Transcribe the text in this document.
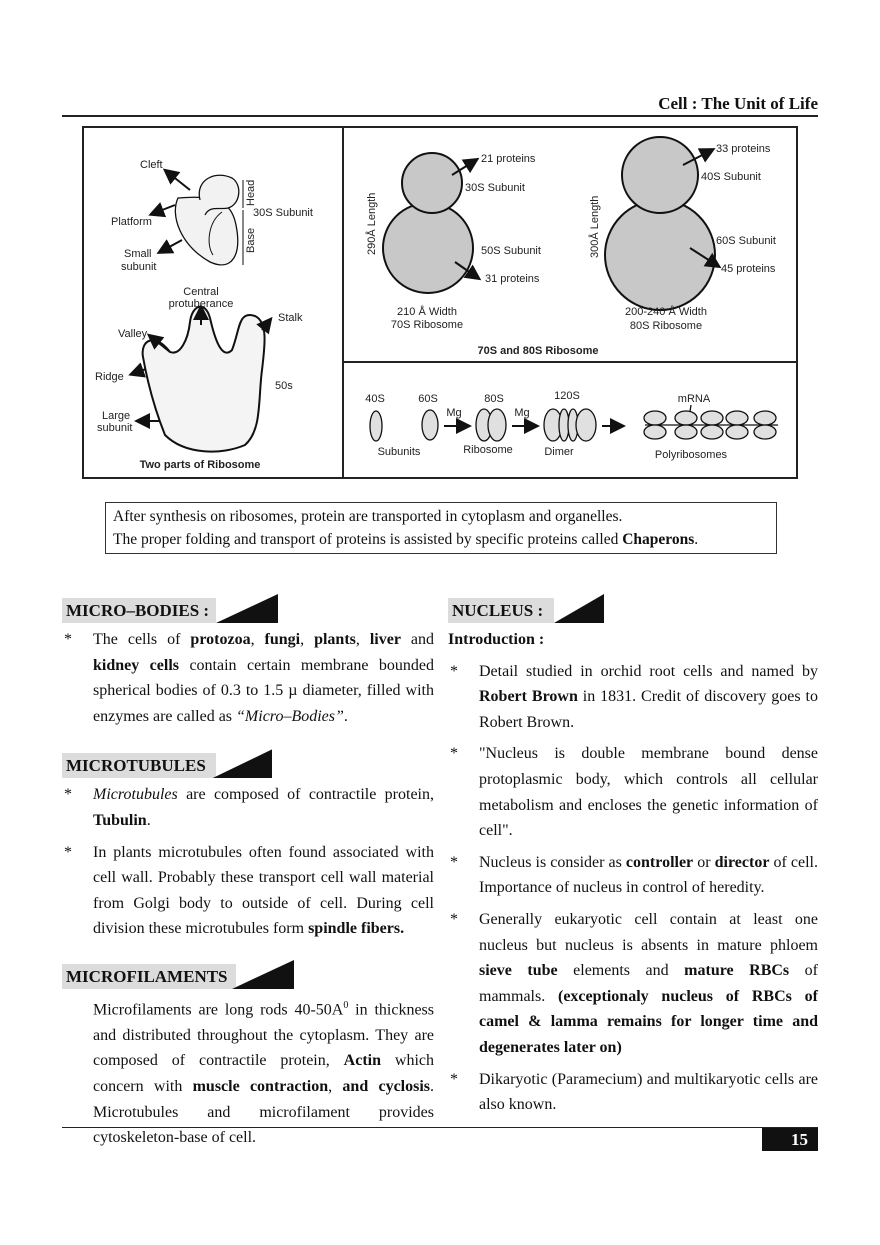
Cell : The Unit of Life
Cleft
Head
30S Subunit
Platform
Base
Small
subunit
Central
protuberance
Stalk
Valley
Ridge
50s
Large
subunit
Two parts of Ribosome
290Å Length
21 proteins
30S Subunit
50S Subunit
31 proteins
210 Å Width
70S Ribosome
33 proteins
40S Subunit
300Å Length	60S Subunit
45 proteins
200-240 Å Width
80S Ribosome
70S and 80S Ribosome
40S	60S	80S	120S	mRNA
Mg	Mg
Subunits	Ribosome	Dimer	Polyribosomes
After synthesis on ribosomes, protein are transported in cytoplasm and organelles.
The proper folding and transport of proteins is assisted by specific proteins called Chaperons.
MICRO–BODIES :
* The cells of protozoa, fungi, plants, liver and kidney cells contain certain membrane bounded spherical bodies of 0.3 to 1.5 µ diameter, filled with enzymes are called as “Micro–Bodies”.
MICROTUBULES
* Microtubules are composed of contractile protein, Tubulin.
* In plants microtubules often found associated with cell wall. Probably these transport cell wall material from Golgi body to outside of cell. During cell division these microtubules form spindle fibers.
MICROFILAMENTS
Microfilaments are long rods $40-50A^0$ in thickness and distributed throughout the cytoplasm. They are composed of contractile protein, Actin which concern with muscle contraction, and cyclosis. Microtubules and microfilament provides cytoskeleton-base of cell.
NUCLEUS :
Introduction :
* Detail studied in orchid root cells and named by Robert Brown in 1831. Credit of discovery goes to Robert Brown.
* "Nucleus is double membrane bound dense protoplasmic body, which controls all cellular metabolism and encloses the genetic information of cell".
* Nucleus is consider as controller or director of cell. Importance of nucleus in control of heredity.
* Generally eukaryotic cell contain at least one nucleus but nucleus is absents in mature phloem sieve tube elements and mature RBCs of mammals. (exceptionaly nucleus of RBCs of camel & lamma remains for longer time and degenerates later on)
* Dikaryotic (Paramecium) and multikaryotic cells are also known.
15
